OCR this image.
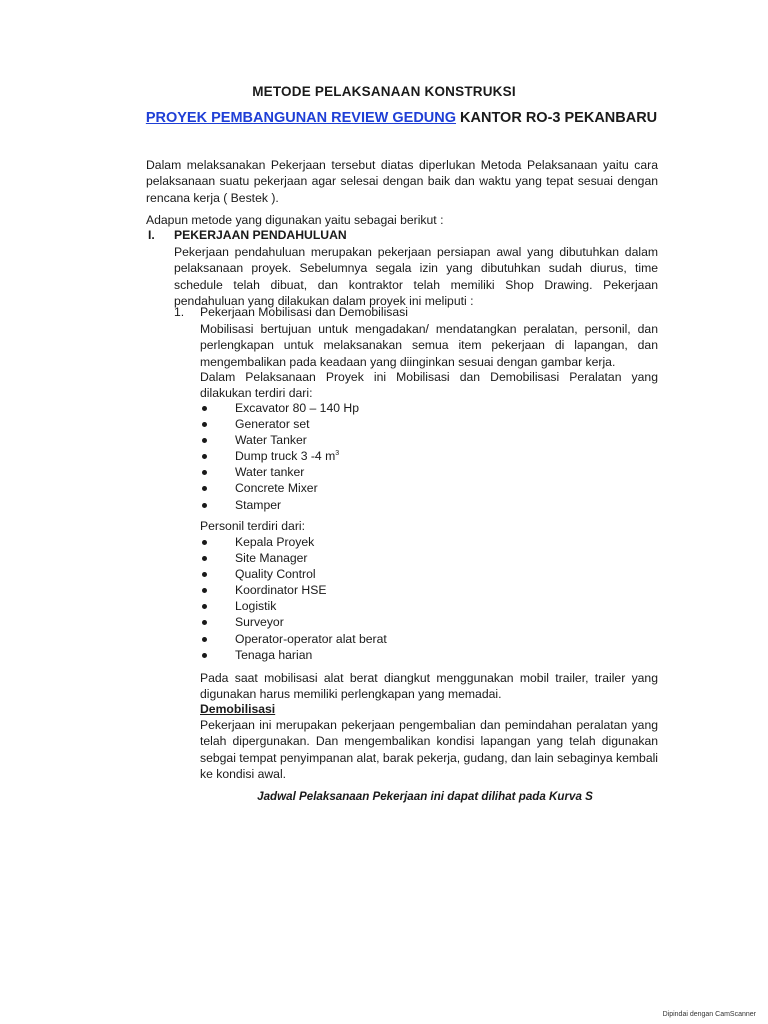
METODE PELAKSANAAN KONSTRUKSI
PROYEK PEMBANGUNAN REVIEW GEDUNG KANTOR RO-3 PEKANBARU
Dalam melaksanakan Pekerjaan tersebut diatas diperlukan Metoda Pelaksanaan yaitu cara pelaksanaan suatu pekerjaan agar selesai dengan baik dan waktu yang tepat sesuai dengan rencana kerja ( Bestek ).
Adapun metode yang digunakan yaitu sebagai berikut :
I. PEKERJAAN PENDAHULUAN
Pekerjaan pendahuluan merupakan pekerjaan persiapan awal yang dibutuhkan dalam pelaksanaan proyek. Sebelumnya segala izin yang dibutuhkan sudah diurus, time schedule telah dibuat, dan kontraktor telah memiliki Shop Drawing. Pekerjaan pendahuluan yang dilakukan dalam proyek ini meliputi :
1. Pekerjaan Mobilisasi dan Demobilisasi
Mobilisasi bertujuan untuk mengadakan/ mendatangkan peralatan, personil, dan perlengkapan untuk melaksanakan semua item pekerjaan di lapangan, dan mengembalikan pada keadaan yang diinginkan sesuai dengan gambar kerja.
Dalam Pelaksanaan Proyek ini Mobilisasi dan Demobilisasi Peralatan yang dilakukan terdiri dari:
Excavator 80 – 140 Hp
Generator set
Water Tanker
Dump truck 3 -4 $m^3$
Water tanker
Concrete Mixer
Stamper
Personil terdiri dari:
Kepala Proyek
Site Manager
Quality Control
Koordinator HSE
Logistik
Surveyor
Operator-operator alat berat
Tenaga harian
Pada saat mobilisasi alat berat diangkut menggunakan mobil trailer, trailer yang digunakan harus memiliki perlengkapan yang memadai.
Demobilisasi
Pekerjaan ini merupakan pekerjaan pengembalian dan pemindahan peralatan yang telah dipergunakan. Dan mengembalikan kondisi lapangan yang telah digunakan sebgai tempat penyimpanan alat, barak pekerja, gudang, dan lain sebaginya kembali ke kondisi awal.
Jadwal Pelaksanaan Pekerjaan ini dapat dilihat pada Kurva S
Dipindai dengan CamScanner
